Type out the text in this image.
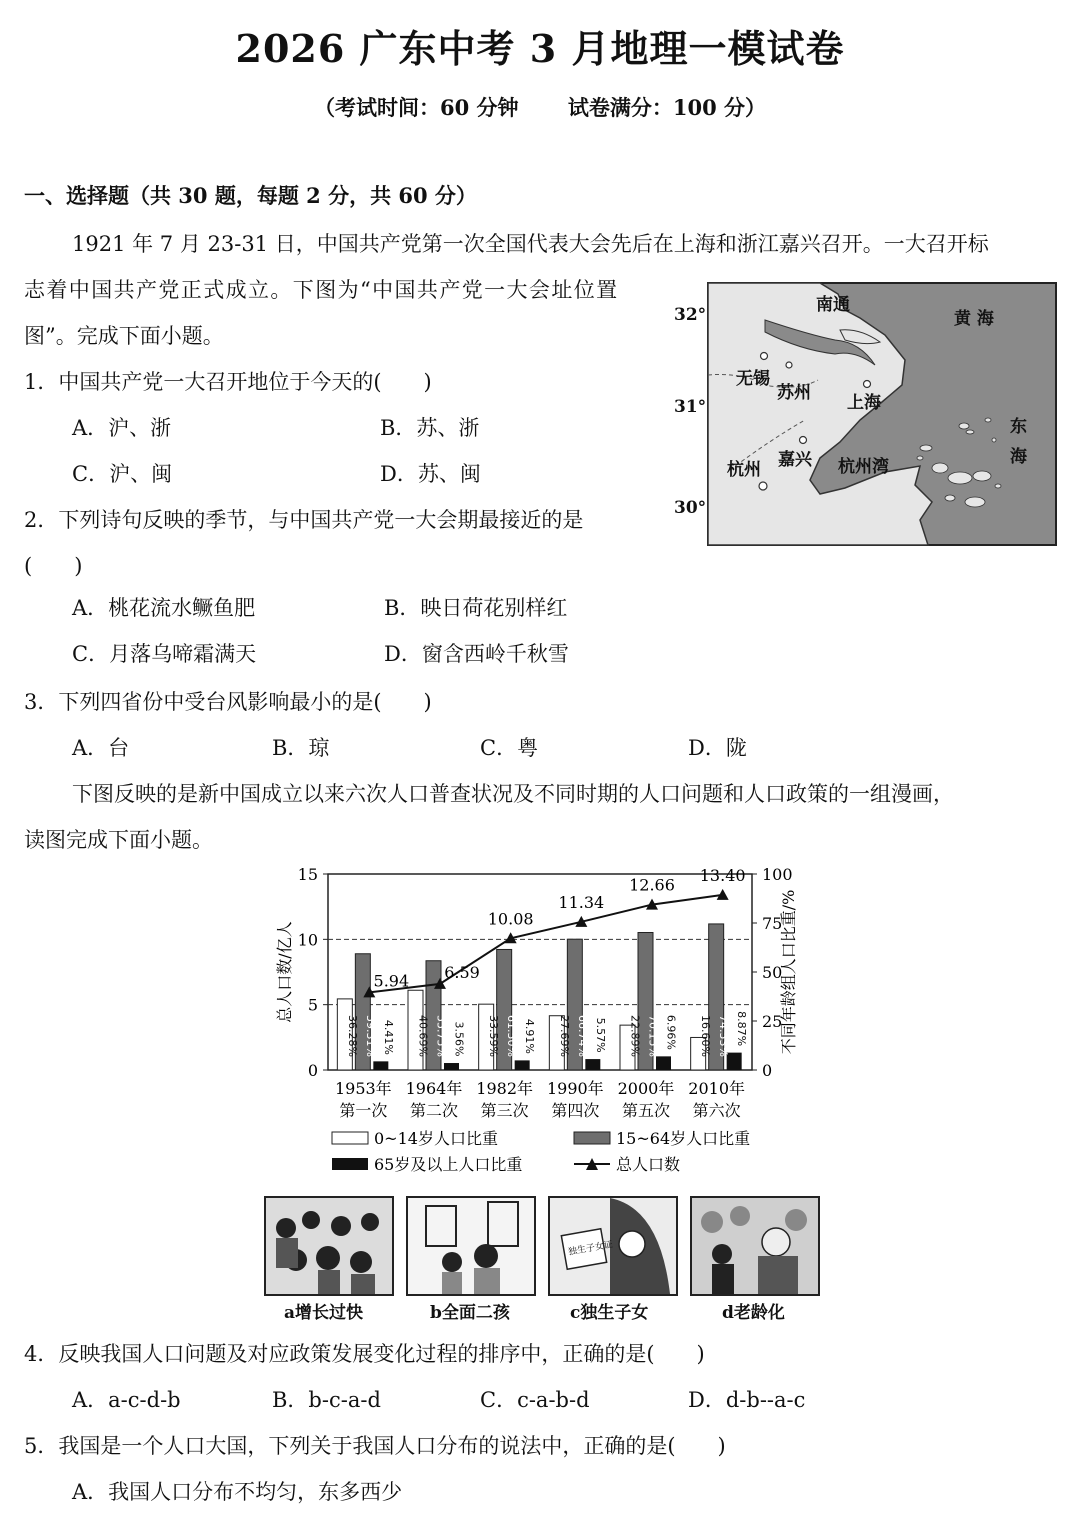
2026 广东中考 3 月地理一模试卷
（考试时间：60 分钟　　 试卷满分：100 分）
一、选择题（共 30 题，每题 2 分，共 60 分）
1921 年 7 月 23-31 日，中国共产党第一次全国代表大会先后在上海和浙江嘉兴召开。一大召开标
志着中国共产党正式成立。下图为“中国共产党一大会址位置
图”。完成下面小题。
32°
31°
30°
南通
黄 海
无锡
苏州 上海
东
海
杭州 嘉兴 杭州湾
1．中国共产党一大召开地位于今天的(　　)
A．沪、浙	B．苏、浙
C．沪、闽	D．苏、闽
2．下列诗句反映的季节，与中国共产党一大会期最接近的是
(　　)
A．桃花流水鳜鱼肥	B．映日荷花别样红
C．月落乌啼霜满天	D．窗含西岭千秋雪
3．下列四省份中受台风影响最小的是(　　)
A．台	B．琼	C．粤	D．陇
下图反映的是新中国成立以来六次人口普查状况及不同时期的人口问题和人口政策的一组漫画，
读图完成下面小题。
0
5
10
15
0
25
50
75
100
总人口数/亿人	不同年龄组人口比重/%
36.28% 59.31% 4.41%
1953年
第一次
40.69% 55.75% 3.56%
1964年
第二次
33.59% 61.50% 4.91%
1982年
第三次
27.69% 66.74% 5.57%
1990年
第四次
22.89% 70.15% 6.96%
2000年
第五次
16.60% 74.53% 8.87%
2010年
第六次
5.94 6.59
10.08
11.34
12.66
13.40
0~14岁人口比重	15~64岁人口比重
65岁及以上人口比重	总人口数
独生子女证
a增长过快	b全面二孩	c独生子女	d老龄化
4．反映我国人口问题及对应政策发展变化过程的排序中，正确的是(　　)
A．a-c-d-b	B．b-c-a-d	C．c-a-b-d	D．d-b--a-c
5．我国是一个人口大国，下列关于我国人口分布的说法中，正确的是(　　)
A．我国人口分布不均匀，东多西少
